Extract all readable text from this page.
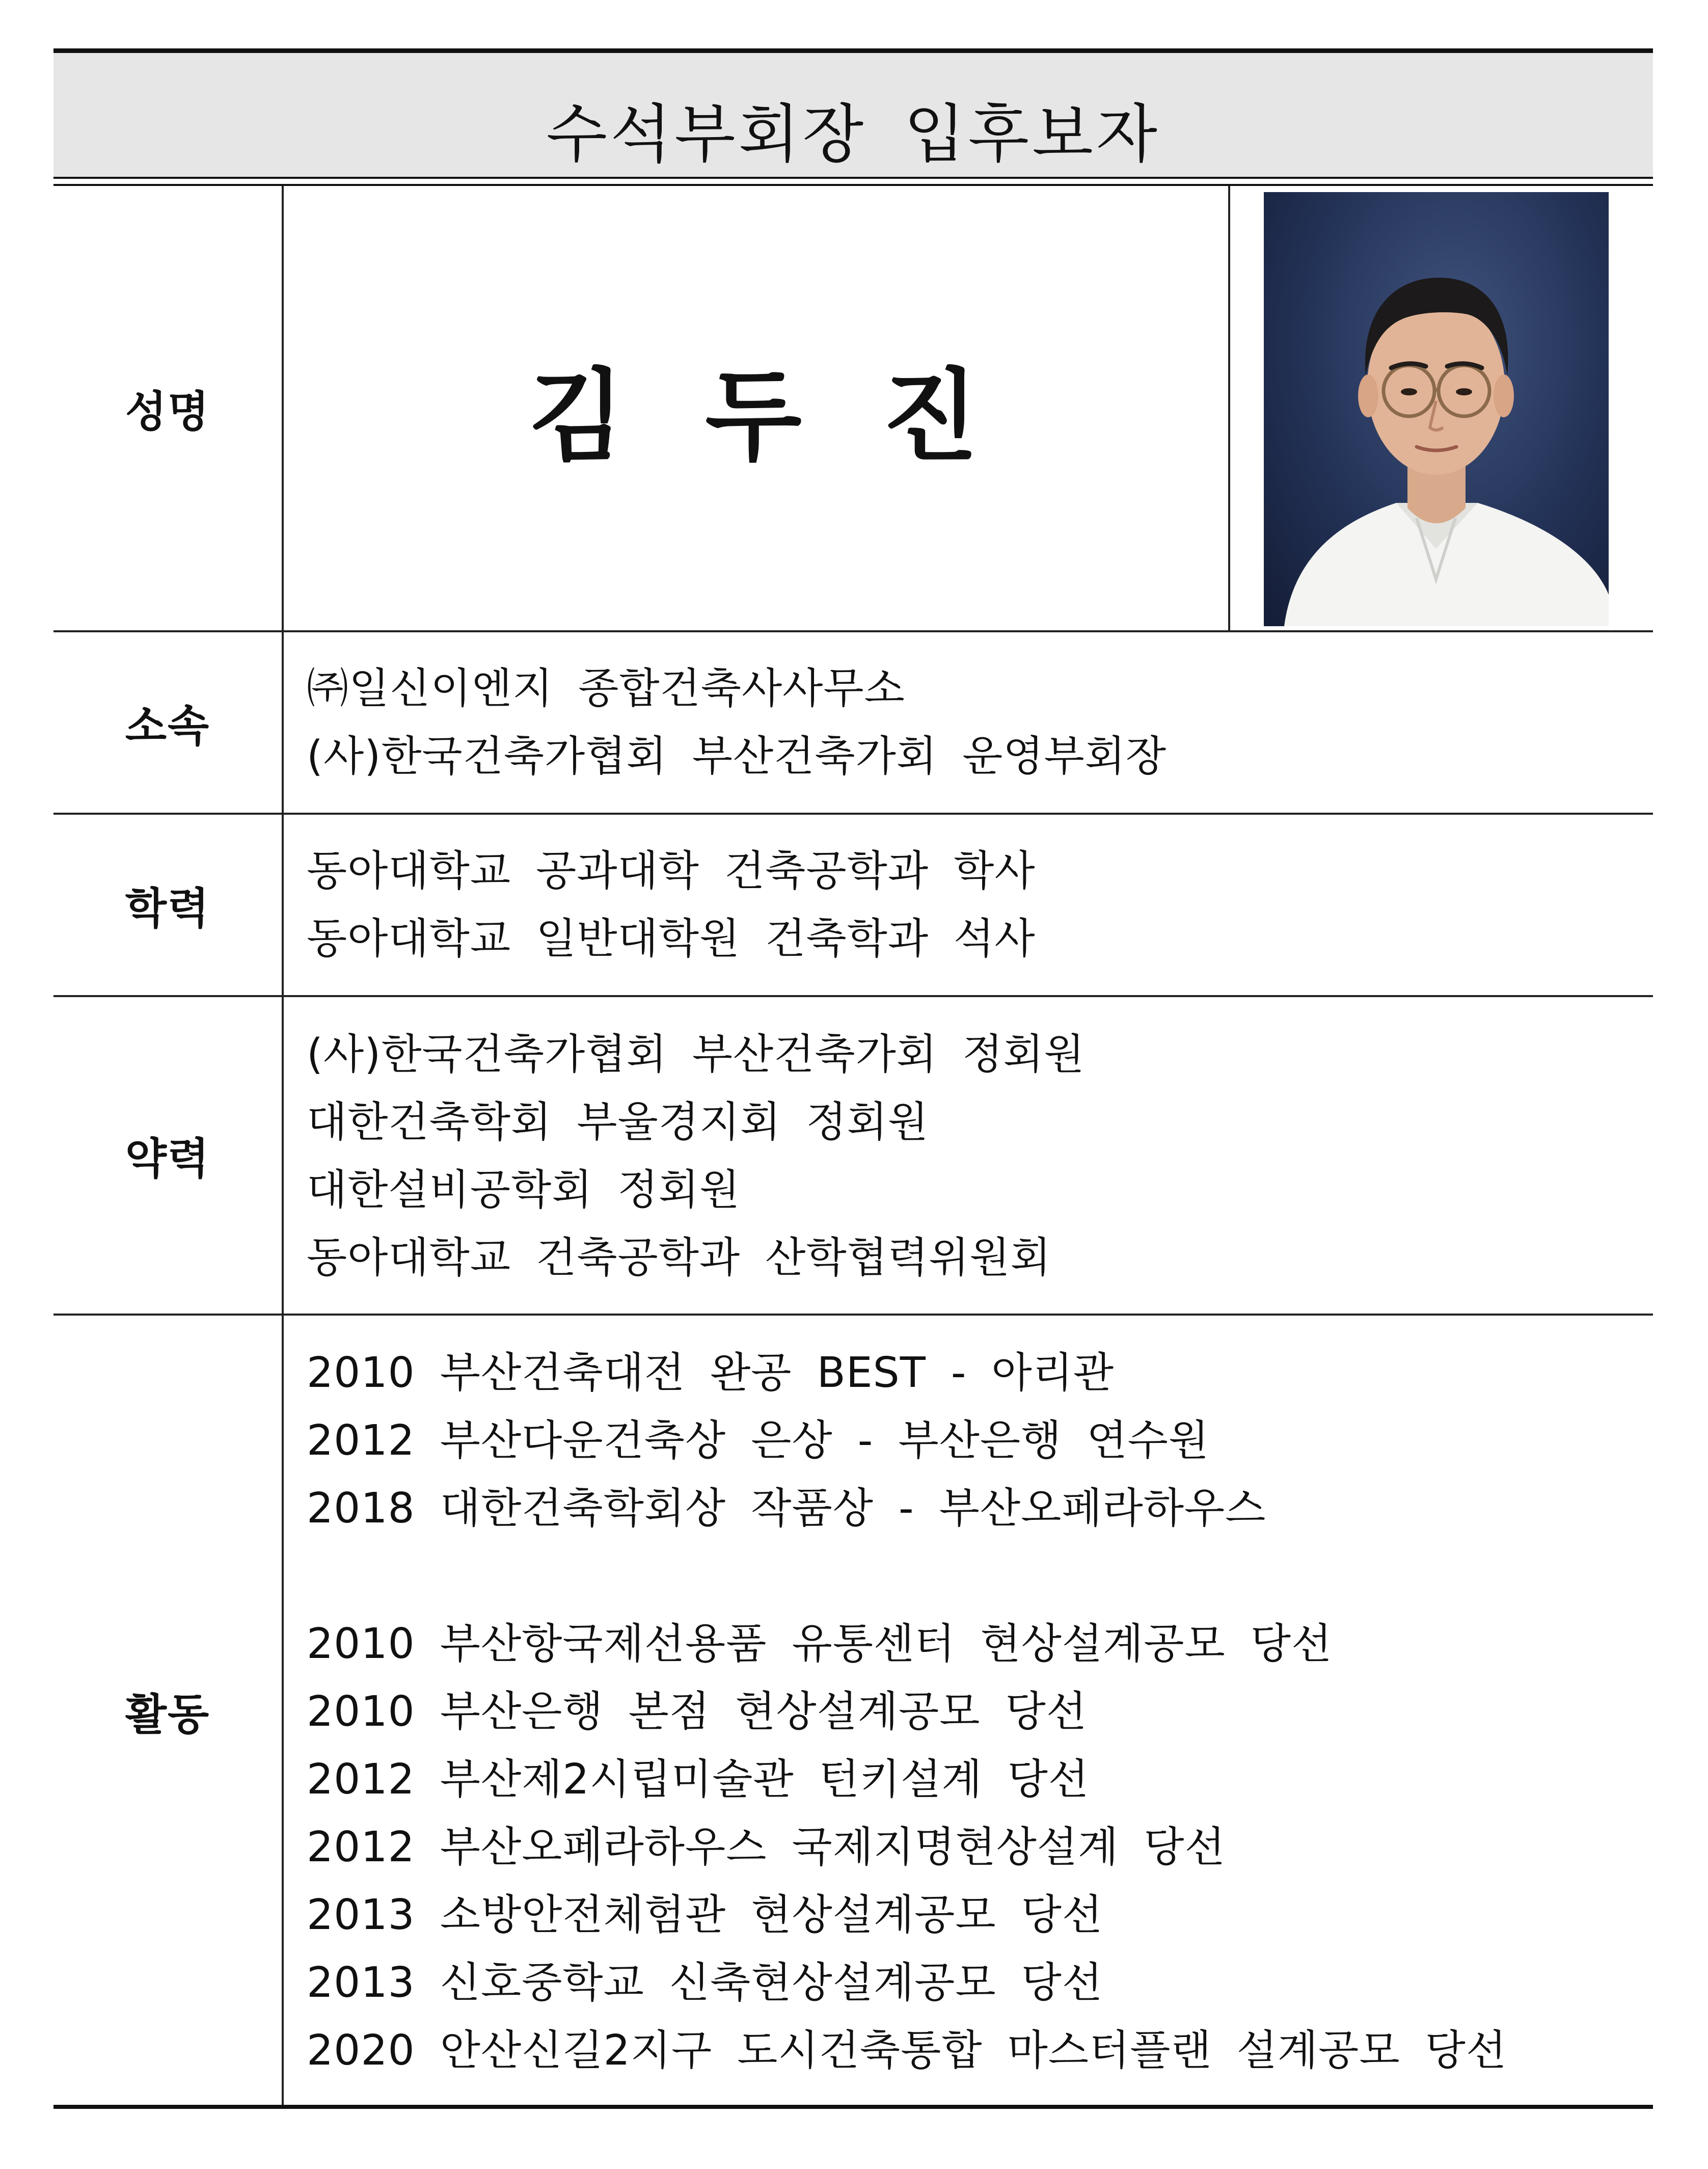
수석부회장 입후보자
성명	김 두 진
소속
㈜일신이엔지 종합건축사사무소
(사)한국건축가협회 부산건축가회 운영부회장
학력
동아대학교 공과대학 건축공학과 학사
동아대학교 일반대학원 건축학과 석사
약력
(사)한국건축가협회 부산건축가회 정회원
대한건축학회 부울경지회 정회원
대한설비공학회 정회원
동아대학교 건축공학과 산학협력위원회
활동
2010 부산건축대전 완공 BEST - 아리관
2012 부산다운건축상 은상 - 부산은행 연수원
2018 대한건축학회상 작품상 - 부산오페라하우스
2010 부산항국제선용품 유통센터 현상설계공모 당선
2010 부산은행 본점 현상설계공모 당선
2012 부산제2시립미술관 턴키설계 당선
2012 부산오페라하우스 국제지명현상설계 당선
2013 소방안전체험관 현상설계공모 당선
2013 신호중학교 신축현상설계공모 당선
2020 안산신길2지구 도시건축통합 마스터플랜 설계공모 당선
